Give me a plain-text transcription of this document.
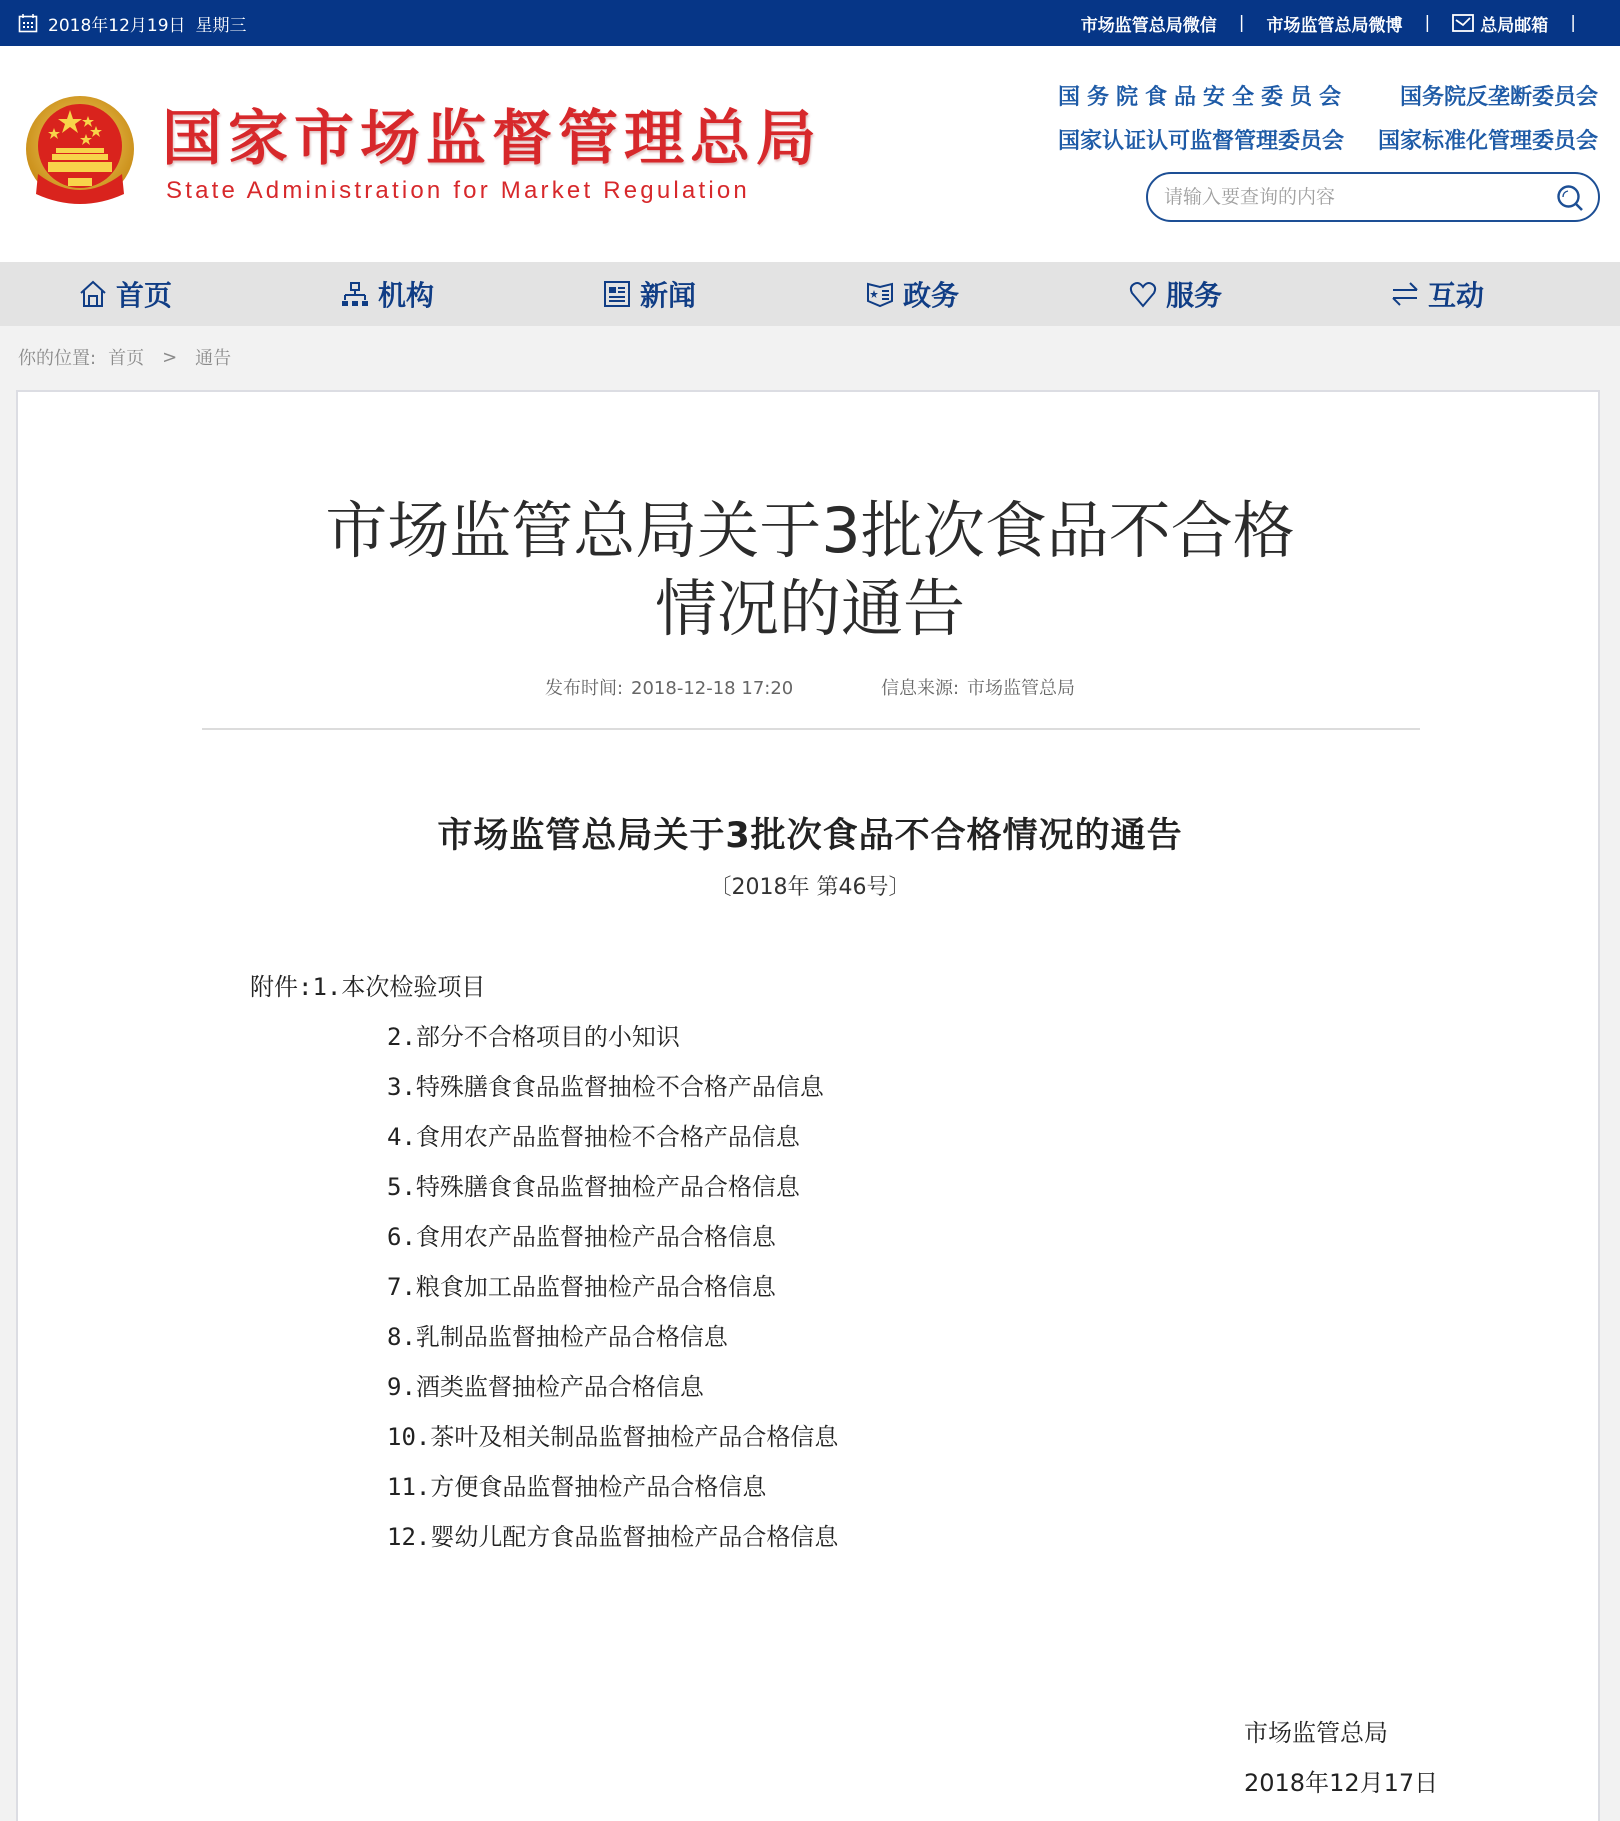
2018年12月19日 星期三	市场监管总局微信 | 市场监管总局微博 |	总局邮箱 |
国家市场监督管理总局
State Administration for Market Regulation
国务院食品安全委员会 国务院反垄断委员会
国家认证认可监督管理委员会 国家标准化管理委员会
请输入要查询的内容
首页	机构	新闻	政务	服务	互动
你的位置: 首页 > 通告
市场监管总局关于3批次食品不合格
情况的通告
发布时间: 2018-12-18 17:20	信息来源: 市场监管总局
市场监管总局关于3批次食品不合格情况的通告
〔2018年 第46号〕
附件:1.本次检验项目
2.部分不合格项目的小知识
3.特殊膳食食品监督抽检不合格产品信息
4.食用农产品监督抽检不合格产品信息
5.特殊膳食食品监督抽检产品合格信息
6.食用农产品监督抽检产品合格信息
7.粮食加工品监督抽检产品合格信息
8.乳制品监督抽检产品合格信息
9.酒类监督抽检产品合格信息
10.茶叶及相关制品监督抽检产品合格信息
11.方便食品监督抽检产品合格信息
12.婴幼儿配方食品监督抽检产品合格信息
市场监管总局
2018年12月17日
